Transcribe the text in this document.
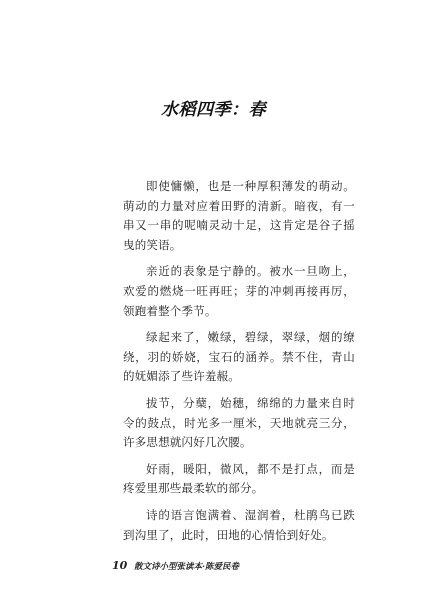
水稻四季：春

即使慵懒，也是一种厚积薄发的萌动。萌动的力量对应着田野的清新。暗夜，有一串又一串的呢喃灵动十足，这肯定是谷子摇曳的笑语。

亲近的表象是宁静的。被水一旦吻上，欢爱的燃烧一旺再旺；芽的冲刺再接再厉，领跑着整个季节。

绿起来了，嫩绿，碧绿，翠绿，烟的缭绕，羽的娇娆，宝石的涵养。禁不住，青山的妩媚添了些许羞赧。

拔节，分蘖，始穗，绵绵的力量来自时令的鼓点，时光多一厘米，天地就亮三分，许多思想就闪好几次腰。

好雨，暖阳，微风，都不是打点，而是疼爱里那些最柔软的部分。

诗的语言饱满着、湿润着，杜鹃鸟已跌到沟里了，此时，田地的心情恰到好处。

10 散文诗小型张读本·陈爱民卷
